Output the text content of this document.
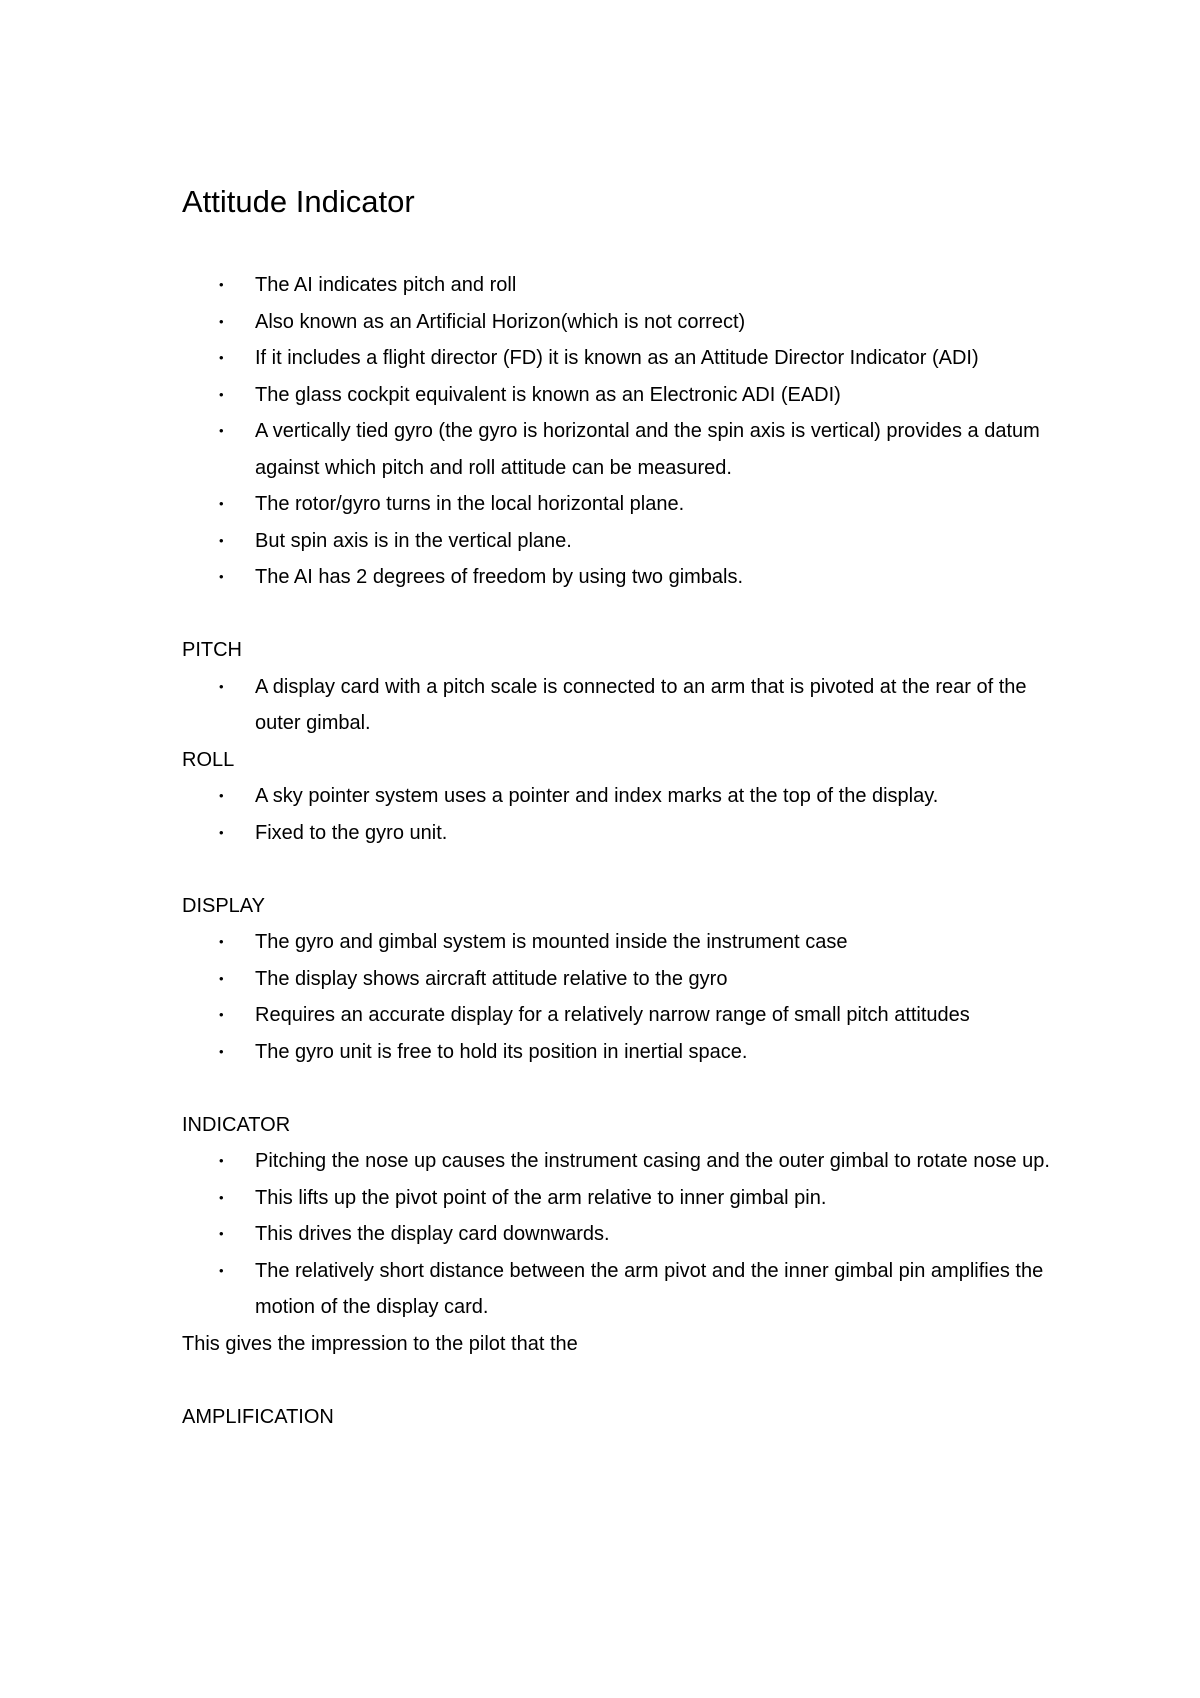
Attitude Indicator
• The AI indicates pitch and roll
• Also known as an Artificial Horizon(which is not correct)
• If it includes a flight director (FD) it is known as an Attitude Director Indicator (ADI)
• The glass cockpit equivalent is known as an Electronic ADI (EADI)
• A vertically tied gyro (the gyro is horizontal and the spin axis is vertical) provides a datum against which pitch and roll attitude can be measured.
• The rotor/gyro turns in the local horizontal plane.
• But spin axis is in the vertical plane.
• The AI has 2 degrees of freedom by using two gimbals.

PITCH

• A display card with a pitch scale is connected to an arm that is pivoted at the rear of the outer gimbal.

ROLL

• A sky pointer system uses a pointer and index marks at the top of the display.
• Fixed to the gyro unit.

DISPLAY

• The gyro and gimbal system is mounted inside the instrument case
• The display shows aircraft attitude relative to the gyro
• Requires an accurate display for a relatively narrow range of small pitch attitudes
• The gyro unit is free to hold its position in inertial space.

INDICATOR

• Pitching the nose up causes the instrument casing and the outer gimbal to rotate nose up.
• This lifts up the pivot point of the arm relative to inner gimbal pin.
• This drives the display card downwards.
• The relatively short distance between the arm pivot and the inner gimbal pin amplifies the motion of the display card.

This gives the impression to the pilot that the

AMPLIFICATION
